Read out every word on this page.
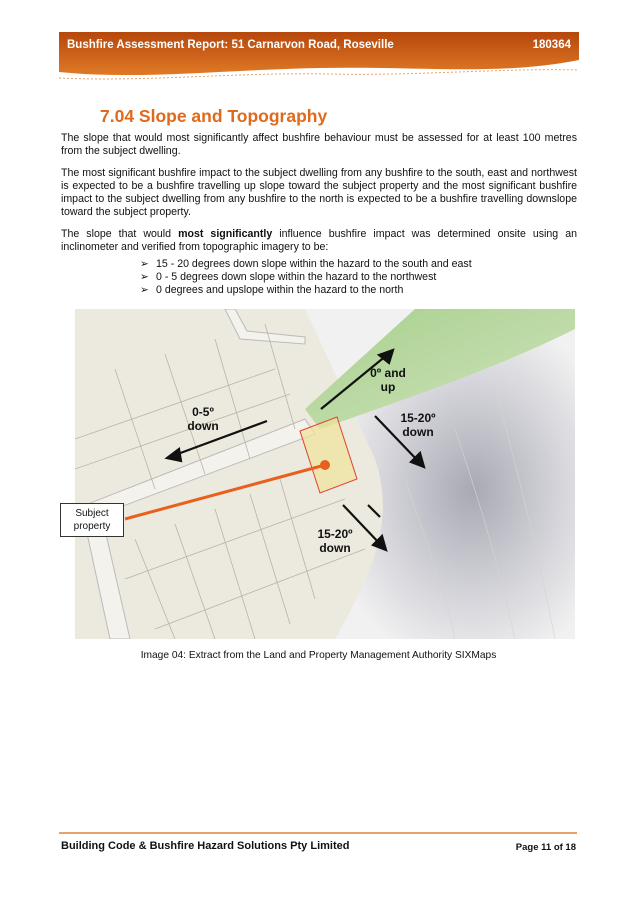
Bushfire Assessment Report: 51 Carnarvon Road, Roseville	180364
7.04 Slope and Topography
The slope that would most significantly affect bushfire behaviour must be assessed for at least 100 metres from the subject dwelling.
The most significant bushfire impact to the subject dwelling from any bushfire to the south, east and northwest is expected to be a bushfire travelling up slope toward the subject property and the most significant bushfire impact to the subject dwelling from any bushfire to the north is expected to be a bushfire travelling downslope toward the subject property.
The slope that would most significantly influence bushfire impact was determined onsite using an inclinometer and verified from topographic imagery to be:
➢ 15 - 20 degrees down slope within the hazard to the south and east
➢ 0 - 5 degrees down slope within the hazard to the northwest
➢ 0 degrees and upslope within the hazard to the north
0-5º down
0º and up
15-20º down
15-20º down
Subject property
Image 04: Extract from the Land and Property Management Authority SIXMaps
Building Code & Bushfire Hazard Solutions Pty Limited	Page 11 of 18
